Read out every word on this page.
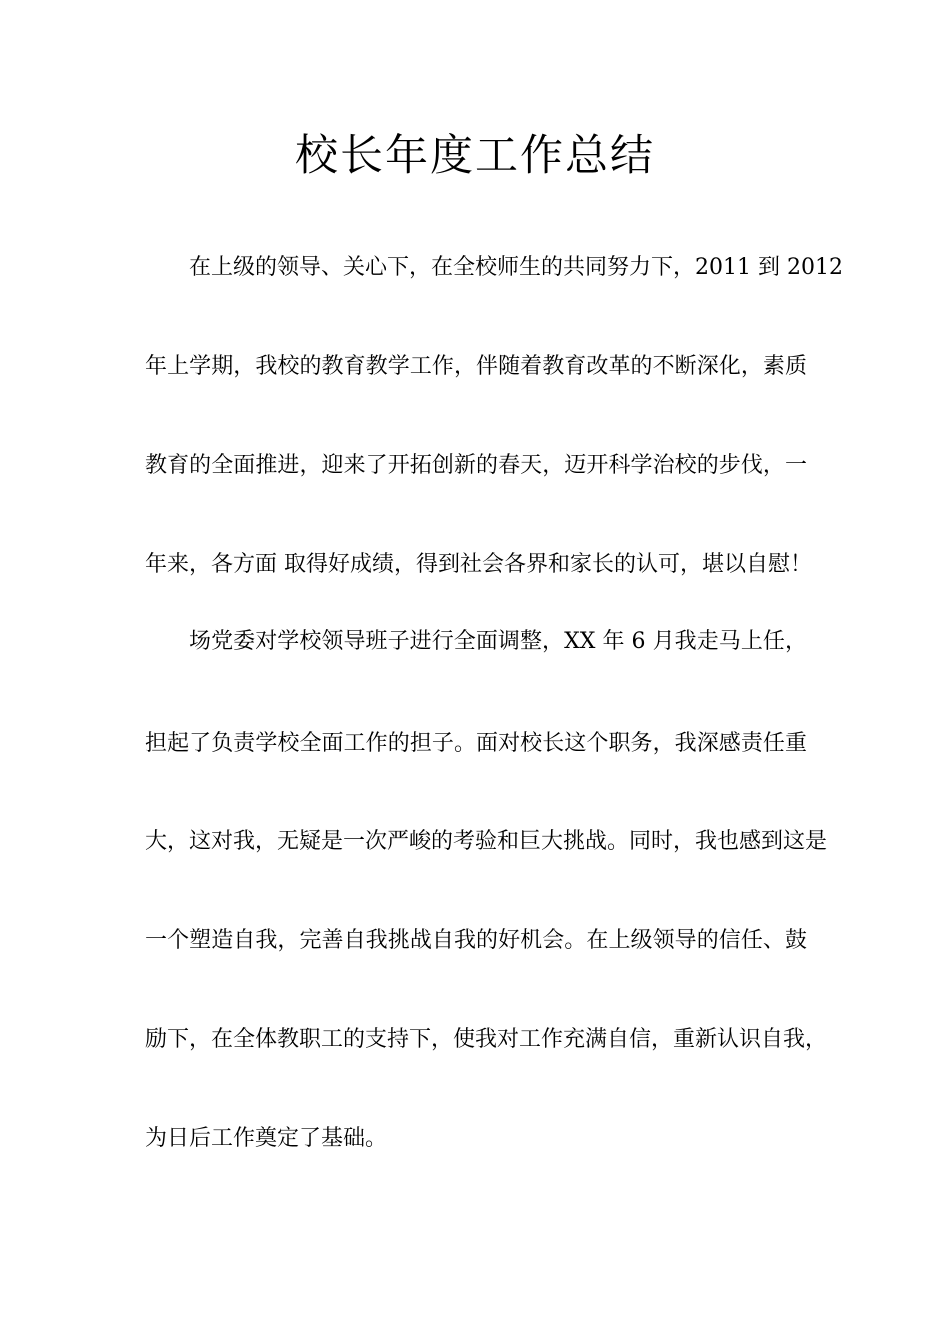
校长年度工作总结
在上级的领导、关心下，在全校师生的共同努力下，2011 到 2012
年上学期，我校的教育教学工作，伴随着教育改革的不断深化，素质
教育的全面推进，迎来了开拓创新的春天，迈开科学治校的步伐，一
年来，各方面 取得好成绩，得到社会各界和家长的认可，堪以自慰！
场党委对学校领导班子进行全面调整，XX 年 6 月我走马上任，
担起了负责学校全面工作的担子。面对校长这个职务，我深感责任重
大，这对我，无疑是一次严峻的考验和巨大挑战。同时，我也感到这是
一个塑造自我，完善自我挑战自我的好机会。在上级领导的信任、鼓
励下，在全体教职工的支持下，使我对工作充满自信，重新认识自我，
为日后工作奠定了基础。
